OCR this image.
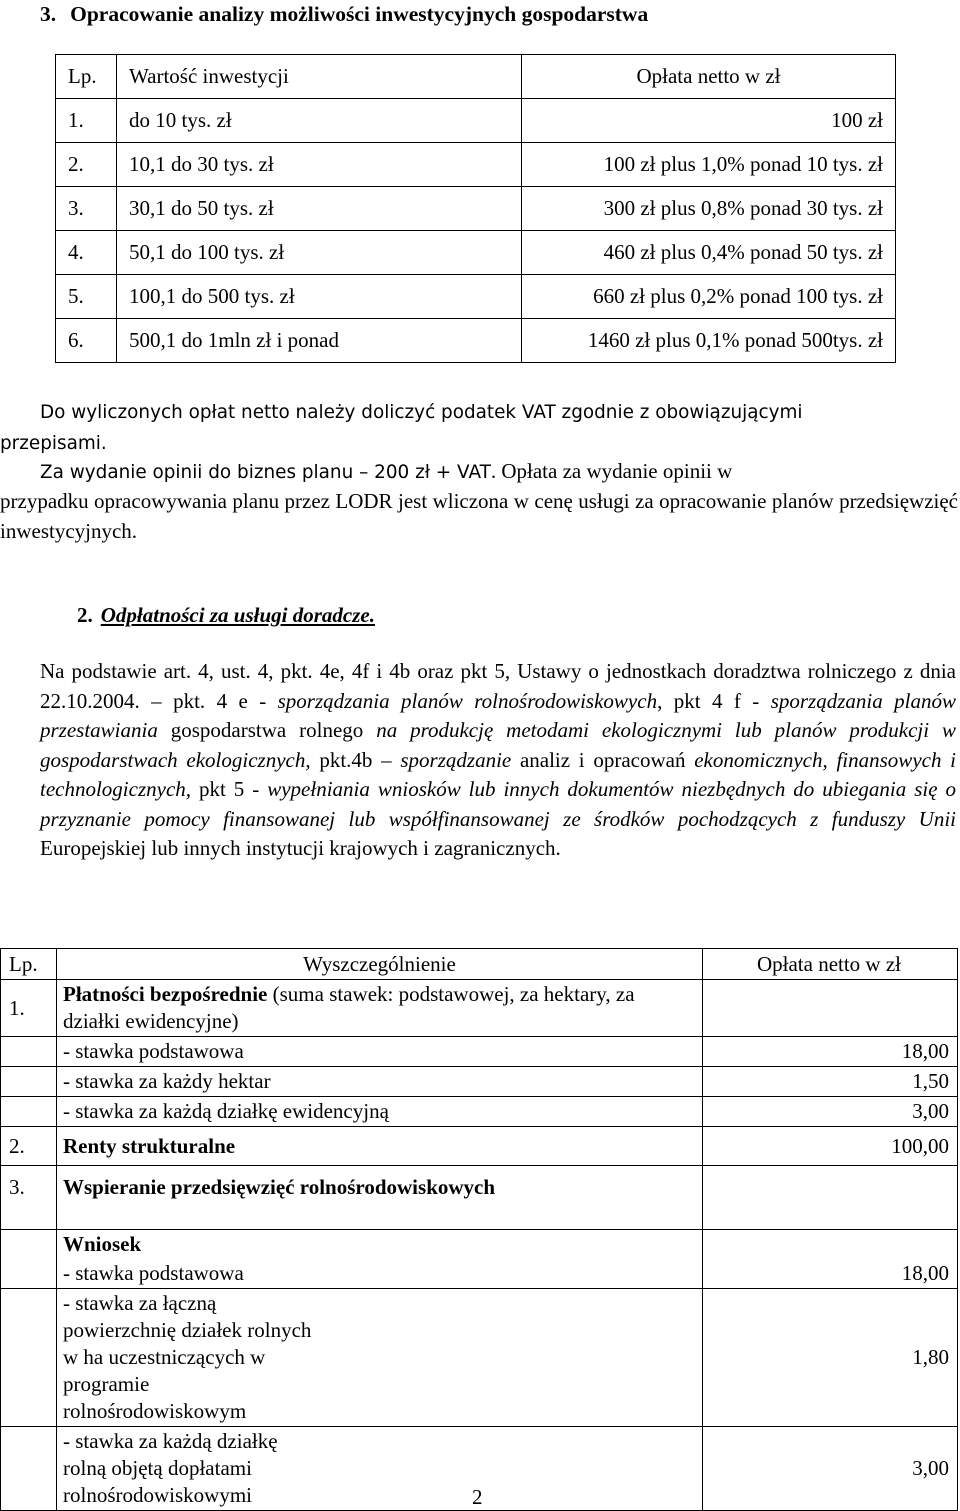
3. Opracowanie analizy możliwości inwestycyjnych gospodarstwa
Lp.	Wartość inwestycji	Opłata netto w zł
1.	do 10 tys. zł	100 zł
2.	10,1 do 30 tys. zł	100 zł plus 1,0% ponad 10 tys. zł
3.	30,1 do 50 tys. zł	300 zł plus 0,8% ponad 30 tys. zł
4.	50,1 do 100 tys. zł	460 zł plus 0,4% ponad 50 tys. zł
5.	100,1 do 500 tys. zł	660 zł plus 0,2% ponad 100 tys. zł
6.	500,1 do 1mln zł i ponad	1460 zł plus 0,1% ponad 500tys. zł
Do wyliczonych opłat netto należy doliczyć podatek VAT zgodnie z obowiązującymi
przepisami.
Za wydanie opinii do biznes planu – 200 zł + VAT. Opłata za wydanie opinii w
przypadku opracowywania planu przez LODR jest wliczona w cenę usługi za opracowanie planów przedsięwzięć inwestycyjnych.
2. Odpłatności za usługi doradcze.
Na podstawie art. 4, ust. 4, pkt. 4e, 4f i 4b oraz pkt 5, Ustawy o jednostkach doradztwa rolniczego z dnia 22.10.2004. – pkt. 4 e - sporządzania planów rolnośrodowiskowych, pkt 4 f - sporządzania planów przestawiania gospodarstwa rolnego na produkcję metodami ekologicznymi lub planów produkcji w gospodarstwach ekologicznych, pkt.4b – sporządzanie analiz i opracowań ekonomicznych, finansowych i technologicznych, pkt 5 - wypełniania wniosków lub innych dokumentów niezbędnych do ubiegania się o przyznanie pomocy finansowanej lub współfinansowanej ze środków pochodzących z funduszy Unii Europejskiej lub innych instytucji krajowych i zagranicznych.
Lp.	Wyszczególnienie	Opłata netto w zł
1.	Płatności bezpośrednie (suma stawek: podstawowej, za hektary, za działki ewidencyjne)	
	- stawka podstawowa	18,00
	- stawka za każdy hektar	1,50
	- stawka za każdą działkę ewidencyjną	3,00
2.	Renty strukturalne	100,00
3.	Wspieranie przedsięwzięć rolnośrodowiskowych	
	Wniosek	
	- stawka podstawowa	18,00
	- stawka za łączną powierzchnię działek rolnych w ha uczestniczących w programie rolnośrodowiskowym	1,80
	- stawka za każdą działkę rolną objętą dopłatami rolnośrodowiskowymi	3,00
2
